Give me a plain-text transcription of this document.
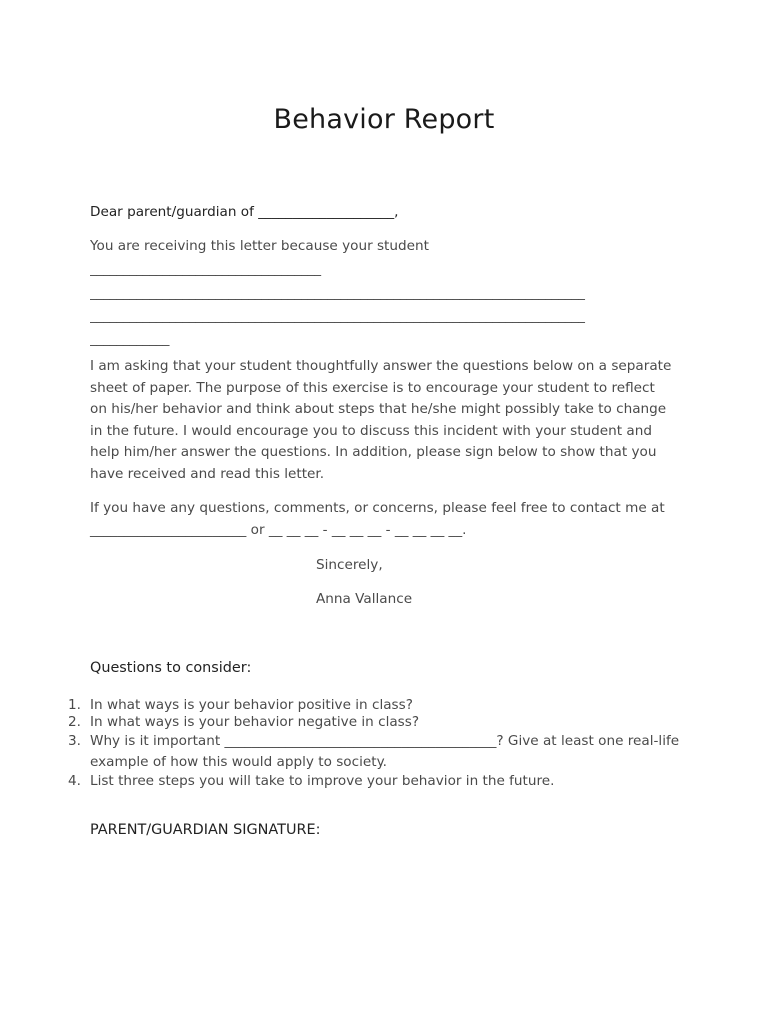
Behavior Report
Dear parent/guardian of ____________________,
You are receiving this letter because your student
___________________________________
___________________________________________________________________________
___________________________________________________________________________
____________
I am asking that your student thoughtfully answer the questions below on a separate sheet of paper. The purpose of this exercise is to encourage your student to reflect on his/her behavior and think about steps that he/she might possibly take to change in the future. I would encourage you to discuss this incident with your student and help him/her answer the questions. In addition, please sign below to show that you have received and read this letter.
If you have any questions, comments, or concerns, please feel free to contact me at
_______________________ or __ __ __ - __ __ __ - __ __ __ __.
Sincerely,
Anna Vallance
Questions to consider:
1. In what ways is your behavior positive in class?
2. In what ways is your behavior negative in class?
3. Why is it important ________________________________________? Give at least one real-life example of how this would apply to society.
4. List three steps you will take to improve your behavior in the future.
PARENT/GUARDIAN SIGNATURE:
